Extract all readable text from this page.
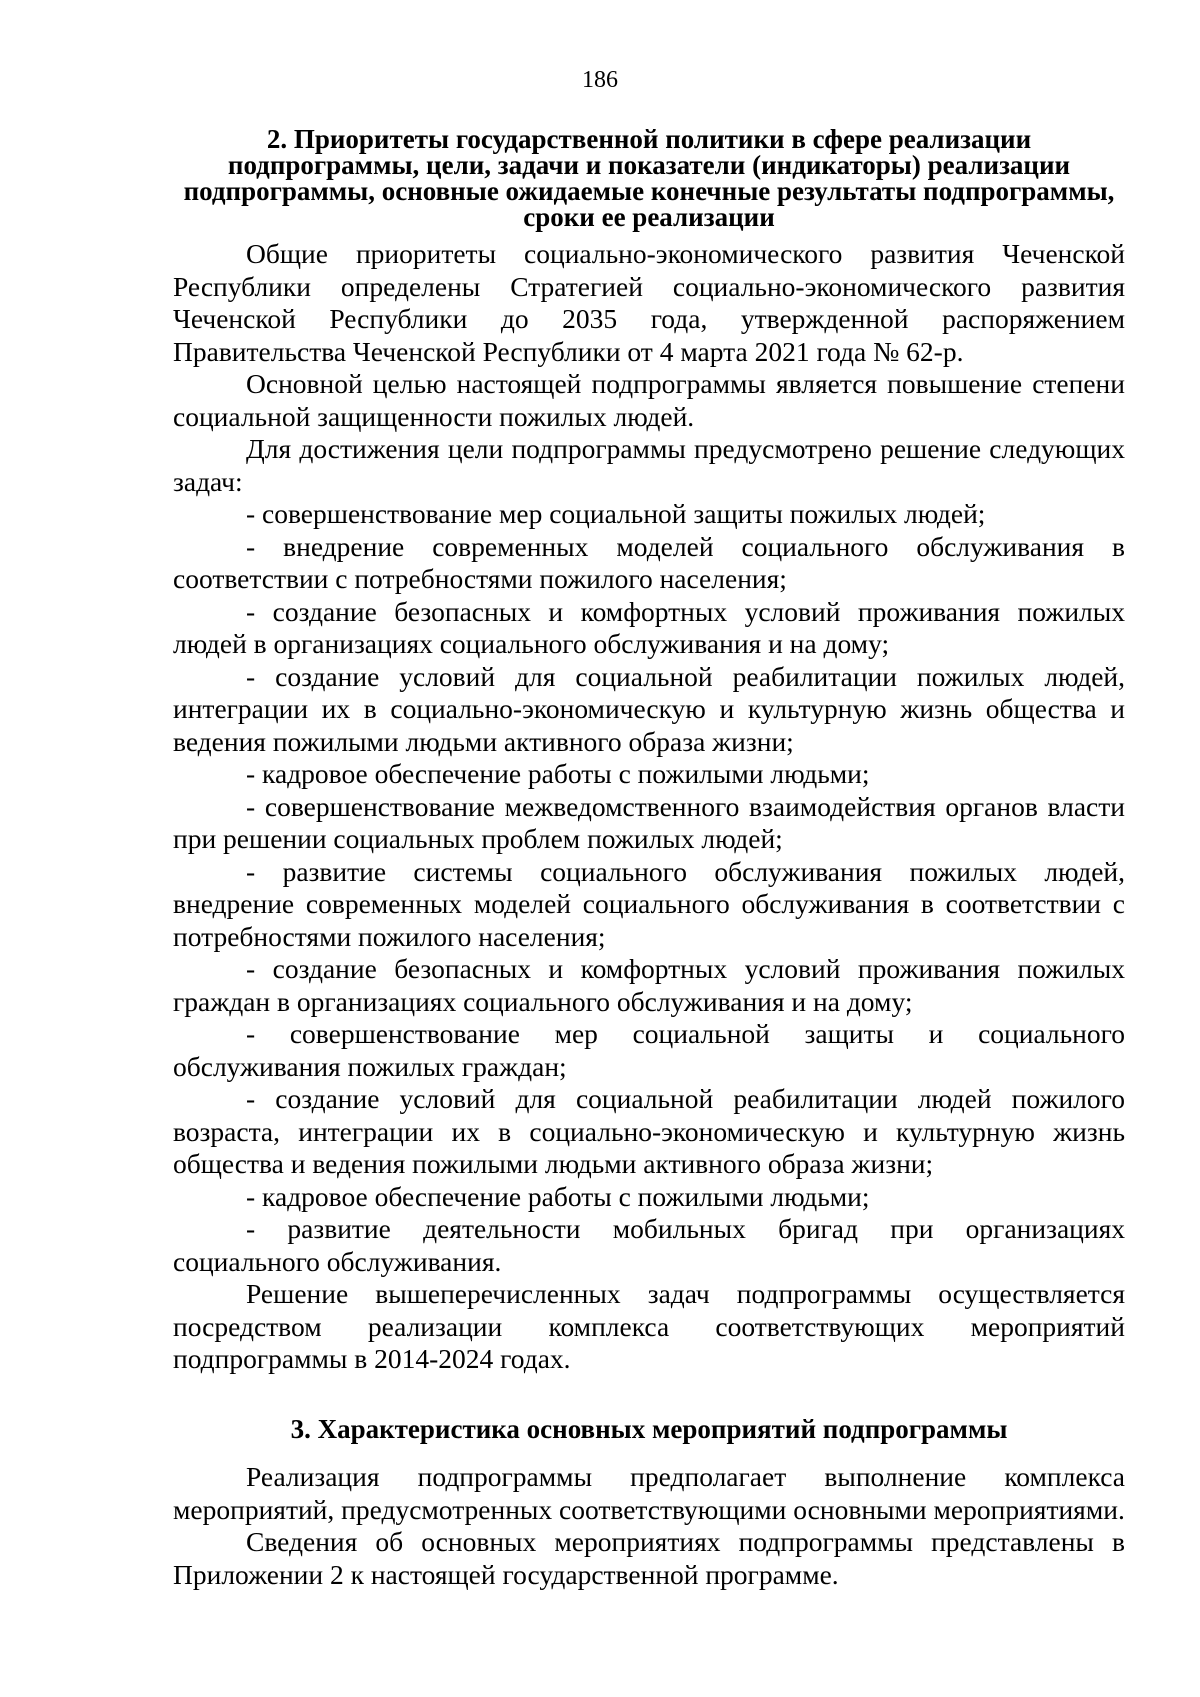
186

2. Приоритеты государственной политики в сфере реализации подпрограммы, цели, задачи и показатели (индикаторы) реализации подпрограммы, основные ожидаемые конечные результаты подпрограммы, сроки ее реализации

Общие приоритеты социально-экономического развития Чеченской Республики определены Стратегией социально-экономического развития Чеченской Республики до 2035 года, утвержденной распоряжением Правительства Чеченской Республики от 4 марта 2021 года № 62-р.

Основной целью настоящей подпрограммы является повышение степени социальной защищенности пожилых людей.

Для достижения цели подпрограммы предусмотрено решение следующих задач:

- совершенствование мер социальной защиты пожилых людей;

- внедрение современных моделей социального обслуживания в соответствии с потребностями пожилого населения;

- создание безопасных и комфортных условий проживания пожилых людей в организациях социального обслуживания и на дому;

- создание условий для социальной реабилитации пожилых людей, интеграции их в социально-экономическую и культурную жизнь общества и ведения пожилыми людьми активного образа жизни;

- кадровое обеспечение работы с пожилыми людьми;

- совершенствование межведомственного взаимодействия органов власти при решении социальных проблем пожилых людей;

- развитие системы социального обслуживания пожилых людей, внедрение современных моделей социального обслуживания в соответствии с потребностями пожилого населения;

- создание безопасных и комфортных условий проживания пожилых граждан в организациях социального обслуживания и на дому;

- совершенствование мер социальной защиты и социального обслуживания пожилых граждан;

- создание условий для социальной реабилитации людей пожилого возраста, интеграции их в социально-экономическую и культурную жизнь общества и ведения пожилыми людьми активного образа жизни;

- кадровое обеспечение работы с пожилыми людьми;

- развитие деятельности мобильных бригад при организациях социального обслуживания.

Решение вышеперечисленных задач подпрограммы осуществляется посредством реализации комплекса соответствующих мероприятий подпрограммы в 2014-2024 годах.

3. Характеристика основных мероприятий подпрограммы

Реализация подпрограммы предполагает выполнение комплекса мероприятий, предусмотренных соответствующими основными мероприятиями.

Сведения об основных мероприятиях подпрограммы представлены в Приложении 2 к настоящей государственной программе.
